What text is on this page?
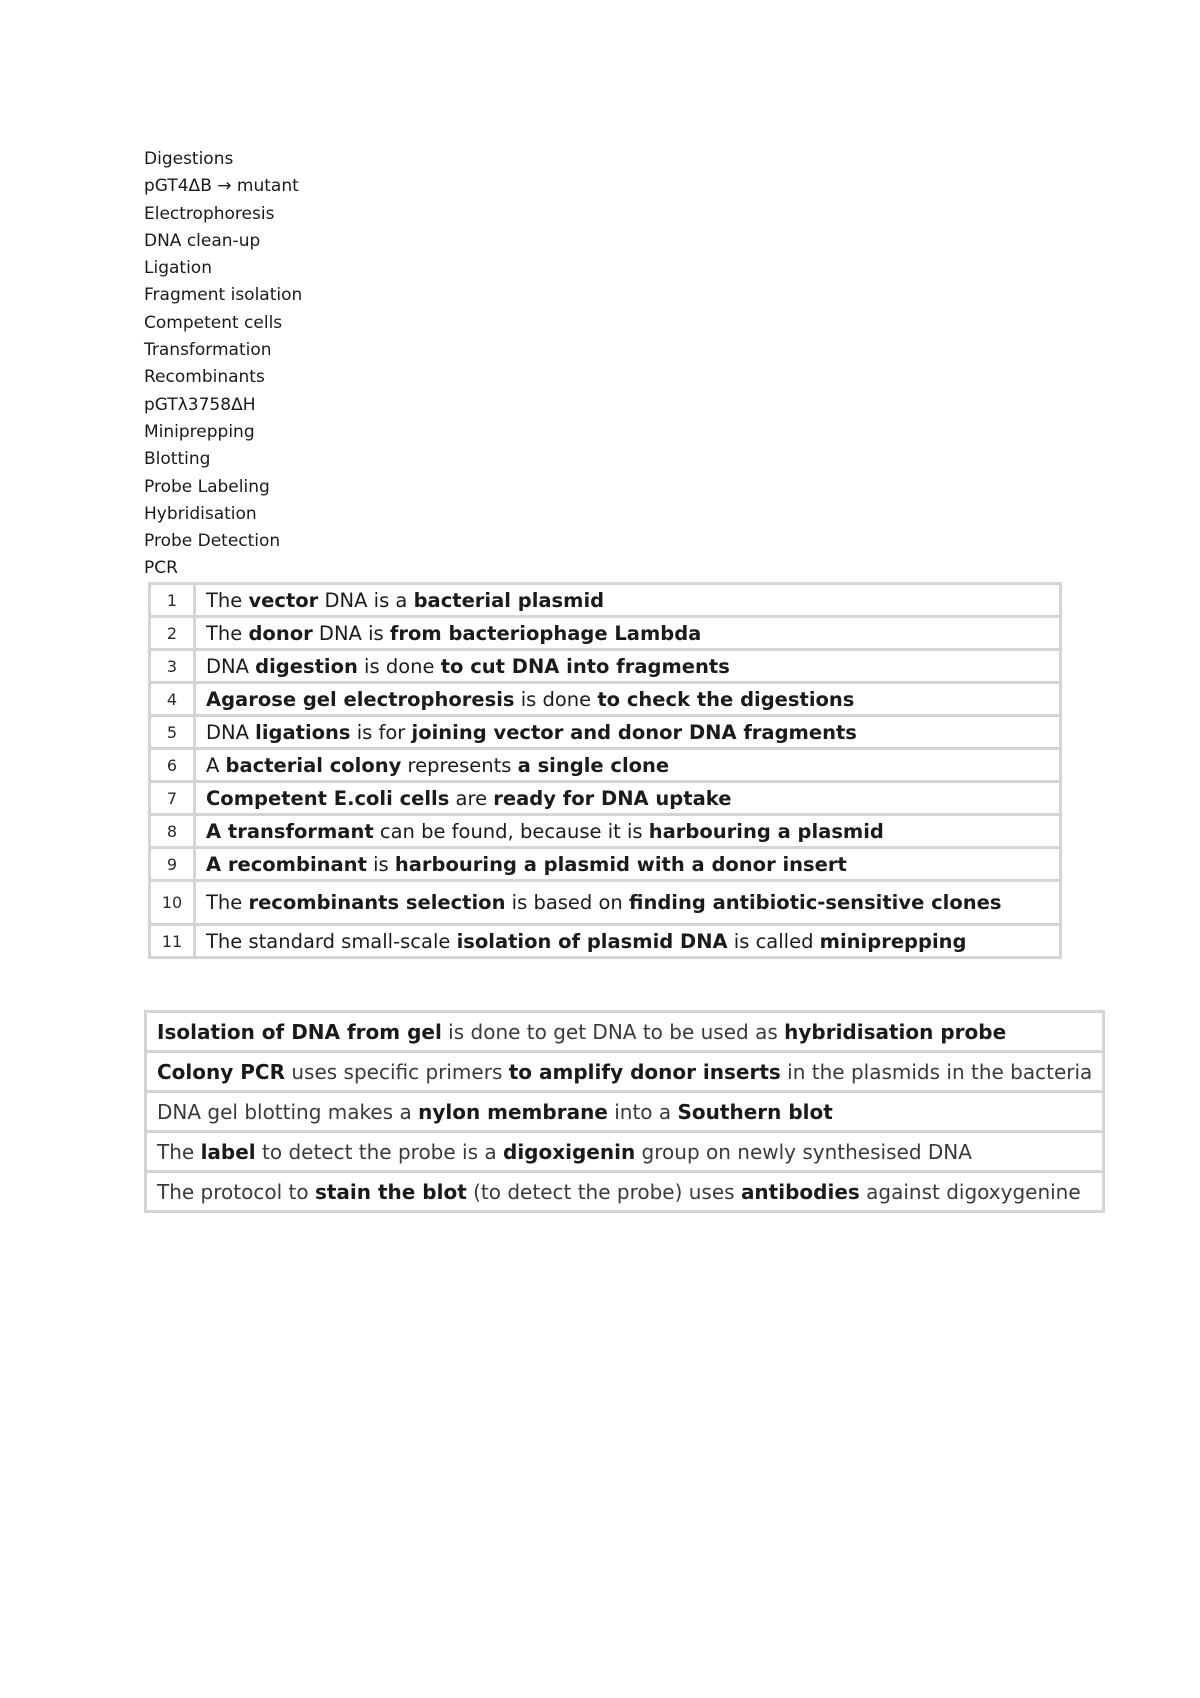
Digestions
pGT4ΔB → mutant
Electrophoresis
DNA clean-up
Ligation
Fragment isolation
Competent cells
Transformation
Recombinants
pGTλ3758ΔH
Miniprepping
Blotting
Probe Labeling
Hybridisation
Probe Detection
PCR
1	The vector DNA is a bacterial plasmid
2	The donor DNA is from bacteriophage Lambda
3	DNA digestion is done to cut DNA into fragments
4	Agarose gel electrophoresis is done to check the digestions
5	DNA ligations is for joining vector and donor DNA fragments
6	A bacterial colony represents a single clone
7	Competent E.coli cells are ready for DNA uptake
8	A transformant can be found, because it is harbouring a plasmid
9	A recombinant is harbouring a plasmid with a donor insert
10	The recombinants selection is based on finding antibiotic-sensitive clones
11	The standard small-scale isolation of plasmid DNA is called miniprepping
Isolation of DNA from gel is done to get DNA to be used as hybridisation probe
Colony PCR uses specific primers to amplify donor inserts in the plasmids in the bacteria
DNA gel blotting makes a nylon membrane into a Southern blot
The label to detect the probe is a digoxigenin group on newly synthesised DNA
The protocol to stain the blot (to detect the probe) uses antibodies against digoxygenine
